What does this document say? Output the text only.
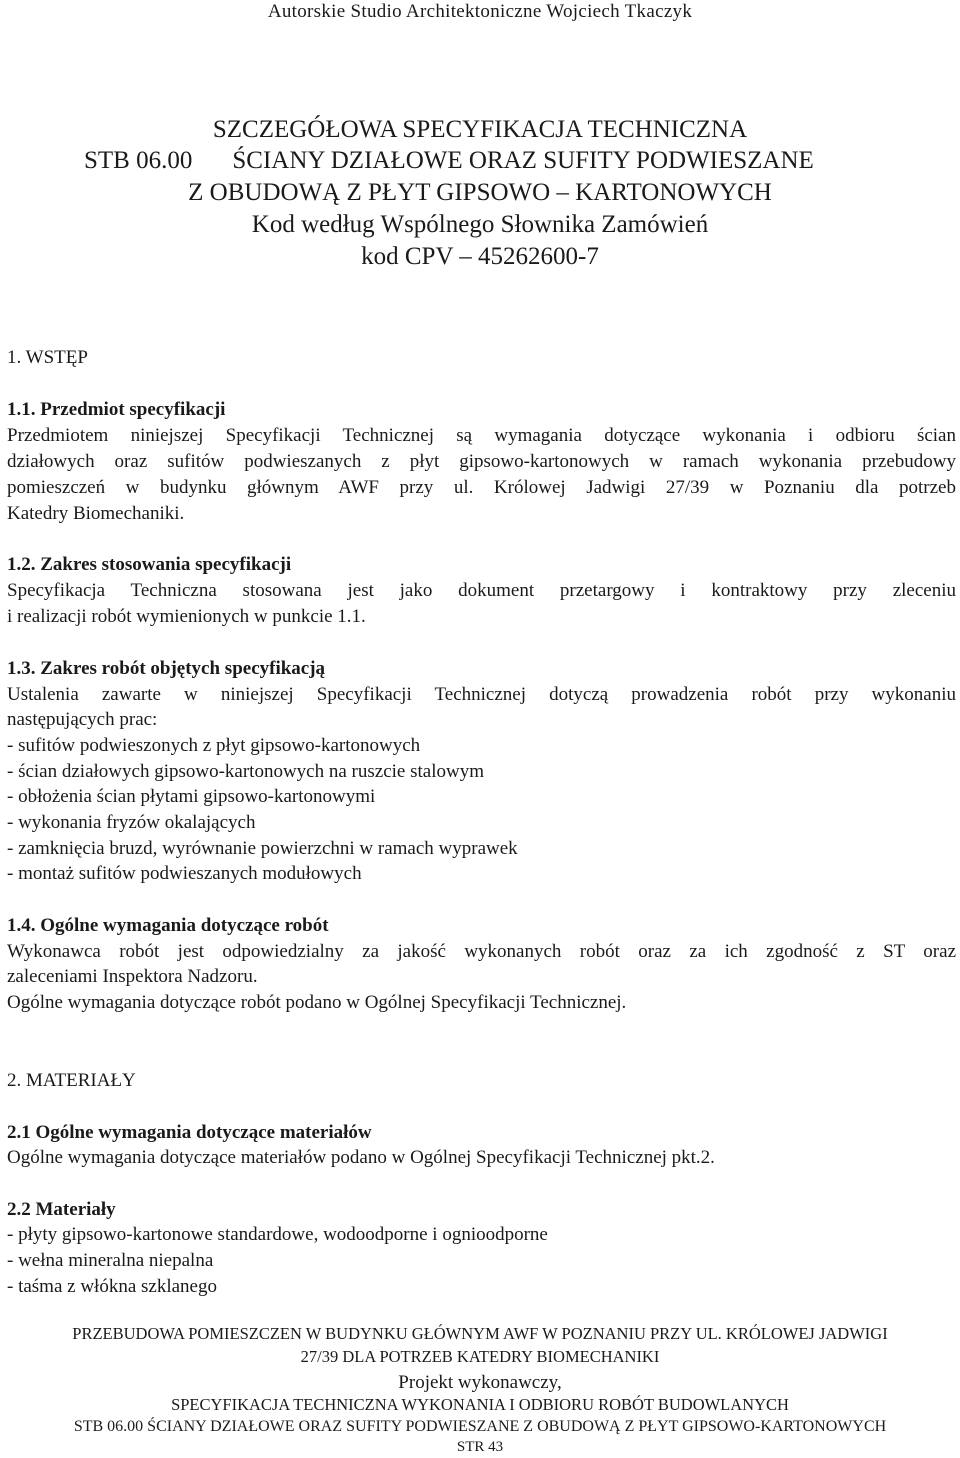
Autorskie Studio Architektoniczne Wojciech Tkaczyk
SZCZEGÓŁOWA SPECYFIKACJA TECHNICZNA
STB 06.00 ŚCIANY DZIAŁOWE ORAZ SUFITY PODWIESZANE
Z OBUDOWĄ Z PŁYT GIPSOWO – KARTONOWYCH
Kod według Wspólnego Słownika Zamówień
kod CPV – 45262600-7
1. WSTĘP
1.1. Przedmiot specyfikacji
Przedmiotem niniejszej Specyfikacji Technicznej są wymagania dotyczące wykonania i odbioru ścian
działowych oraz sufitów podwieszanych z płyt gipsowo-kartonowych w ramach wykonania przebudowy
pomieszczeń w budynku głównym AWF przy ul. Królowej Jadwigi 27/39 w Poznaniu dla potrzeb
Katedry Biomechaniki.
1.2. Zakres stosowania specyfikacji
Specyfikacja Techniczna stosowana jest jako dokument przetargowy i kontraktowy przy zleceniu
i realizacji robót wymienionych w punkcie 1.1.
1.3. Zakres robót objętych specyfikacją
Ustalenia zawarte w niniejszej Specyfikacji Technicznej dotyczą prowadzenia robót przy wykonaniu
następujących prac:
- sufitów podwieszonych z płyt gipsowo-kartonowych
- ścian działowych gipsowo-kartonowych na ruszcie stalowym
- obłożenia ścian płytami gipsowo-kartonowymi
- wykonania fryzów okalających
- zamknięcia bruzd, wyrównanie powierzchni w ramach wyprawek
- montaż sufitów podwieszanych modułowych
1.4. Ogólne wymagania dotyczące robót
Wykonawca robót jest odpowiedzialny za jakość wykonanych robót oraz za ich zgodność z ST oraz
zaleceniami Inspektora Nadzoru.
Ogólne wymagania dotyczące robót podano w Ogólnej Specyfikacji Technicznej.
2. MATERIAŁY
2.1 Ogólne wymagania dotyczące materiałów
Ogólne wymagania dotyczące materiałów podano w Ogólnej Specyfikacji Technicznej pkt.2.
2.2 Materiały
- płyty gipsowo-kartonowe standardowe, wodoodporne i ognioodporne
- wełna mineralna niepalna
- taśma z włókna szklanego
PRZEBUDOWA POMIESZCZEN W BUDYNKU GŁÓWNYM AWF W POZNANIU PRZY UL. KRÓLOWEJ JADWIGI
27/39 DLA POTRZEB KATEDRY BIOMECHANIKI
Projekt wykonawczy,
SPECYFIKACJA TECHNICZNA WYKONANIA I ODBIORU ROBÓT BUDOWLANYCH
STB 06.00 ŚCIANY DZIAŁOWE ORAZ SUFITY PODWIESZANE Z OBUDOWĄ Z PŁYT GIPSOWO-KARTONOWYCH
STR 43
